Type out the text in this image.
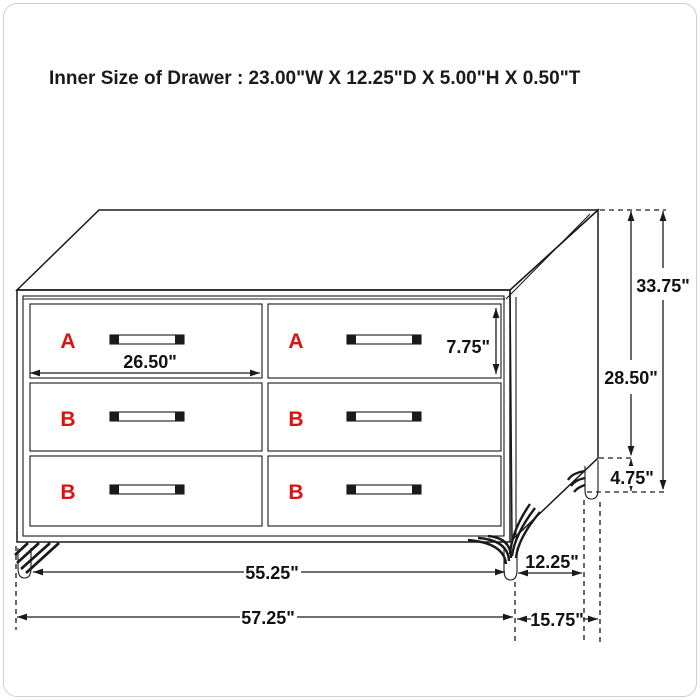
Inner Size of Drawer : 23.00"W X 12.25"D X 5.00"H X 0.50"T
A	A
B	B
B	B
26.50"
7.75"
28.50"
33.75"
4.75"
55.25"
57.25"
12.25"
15.75"
